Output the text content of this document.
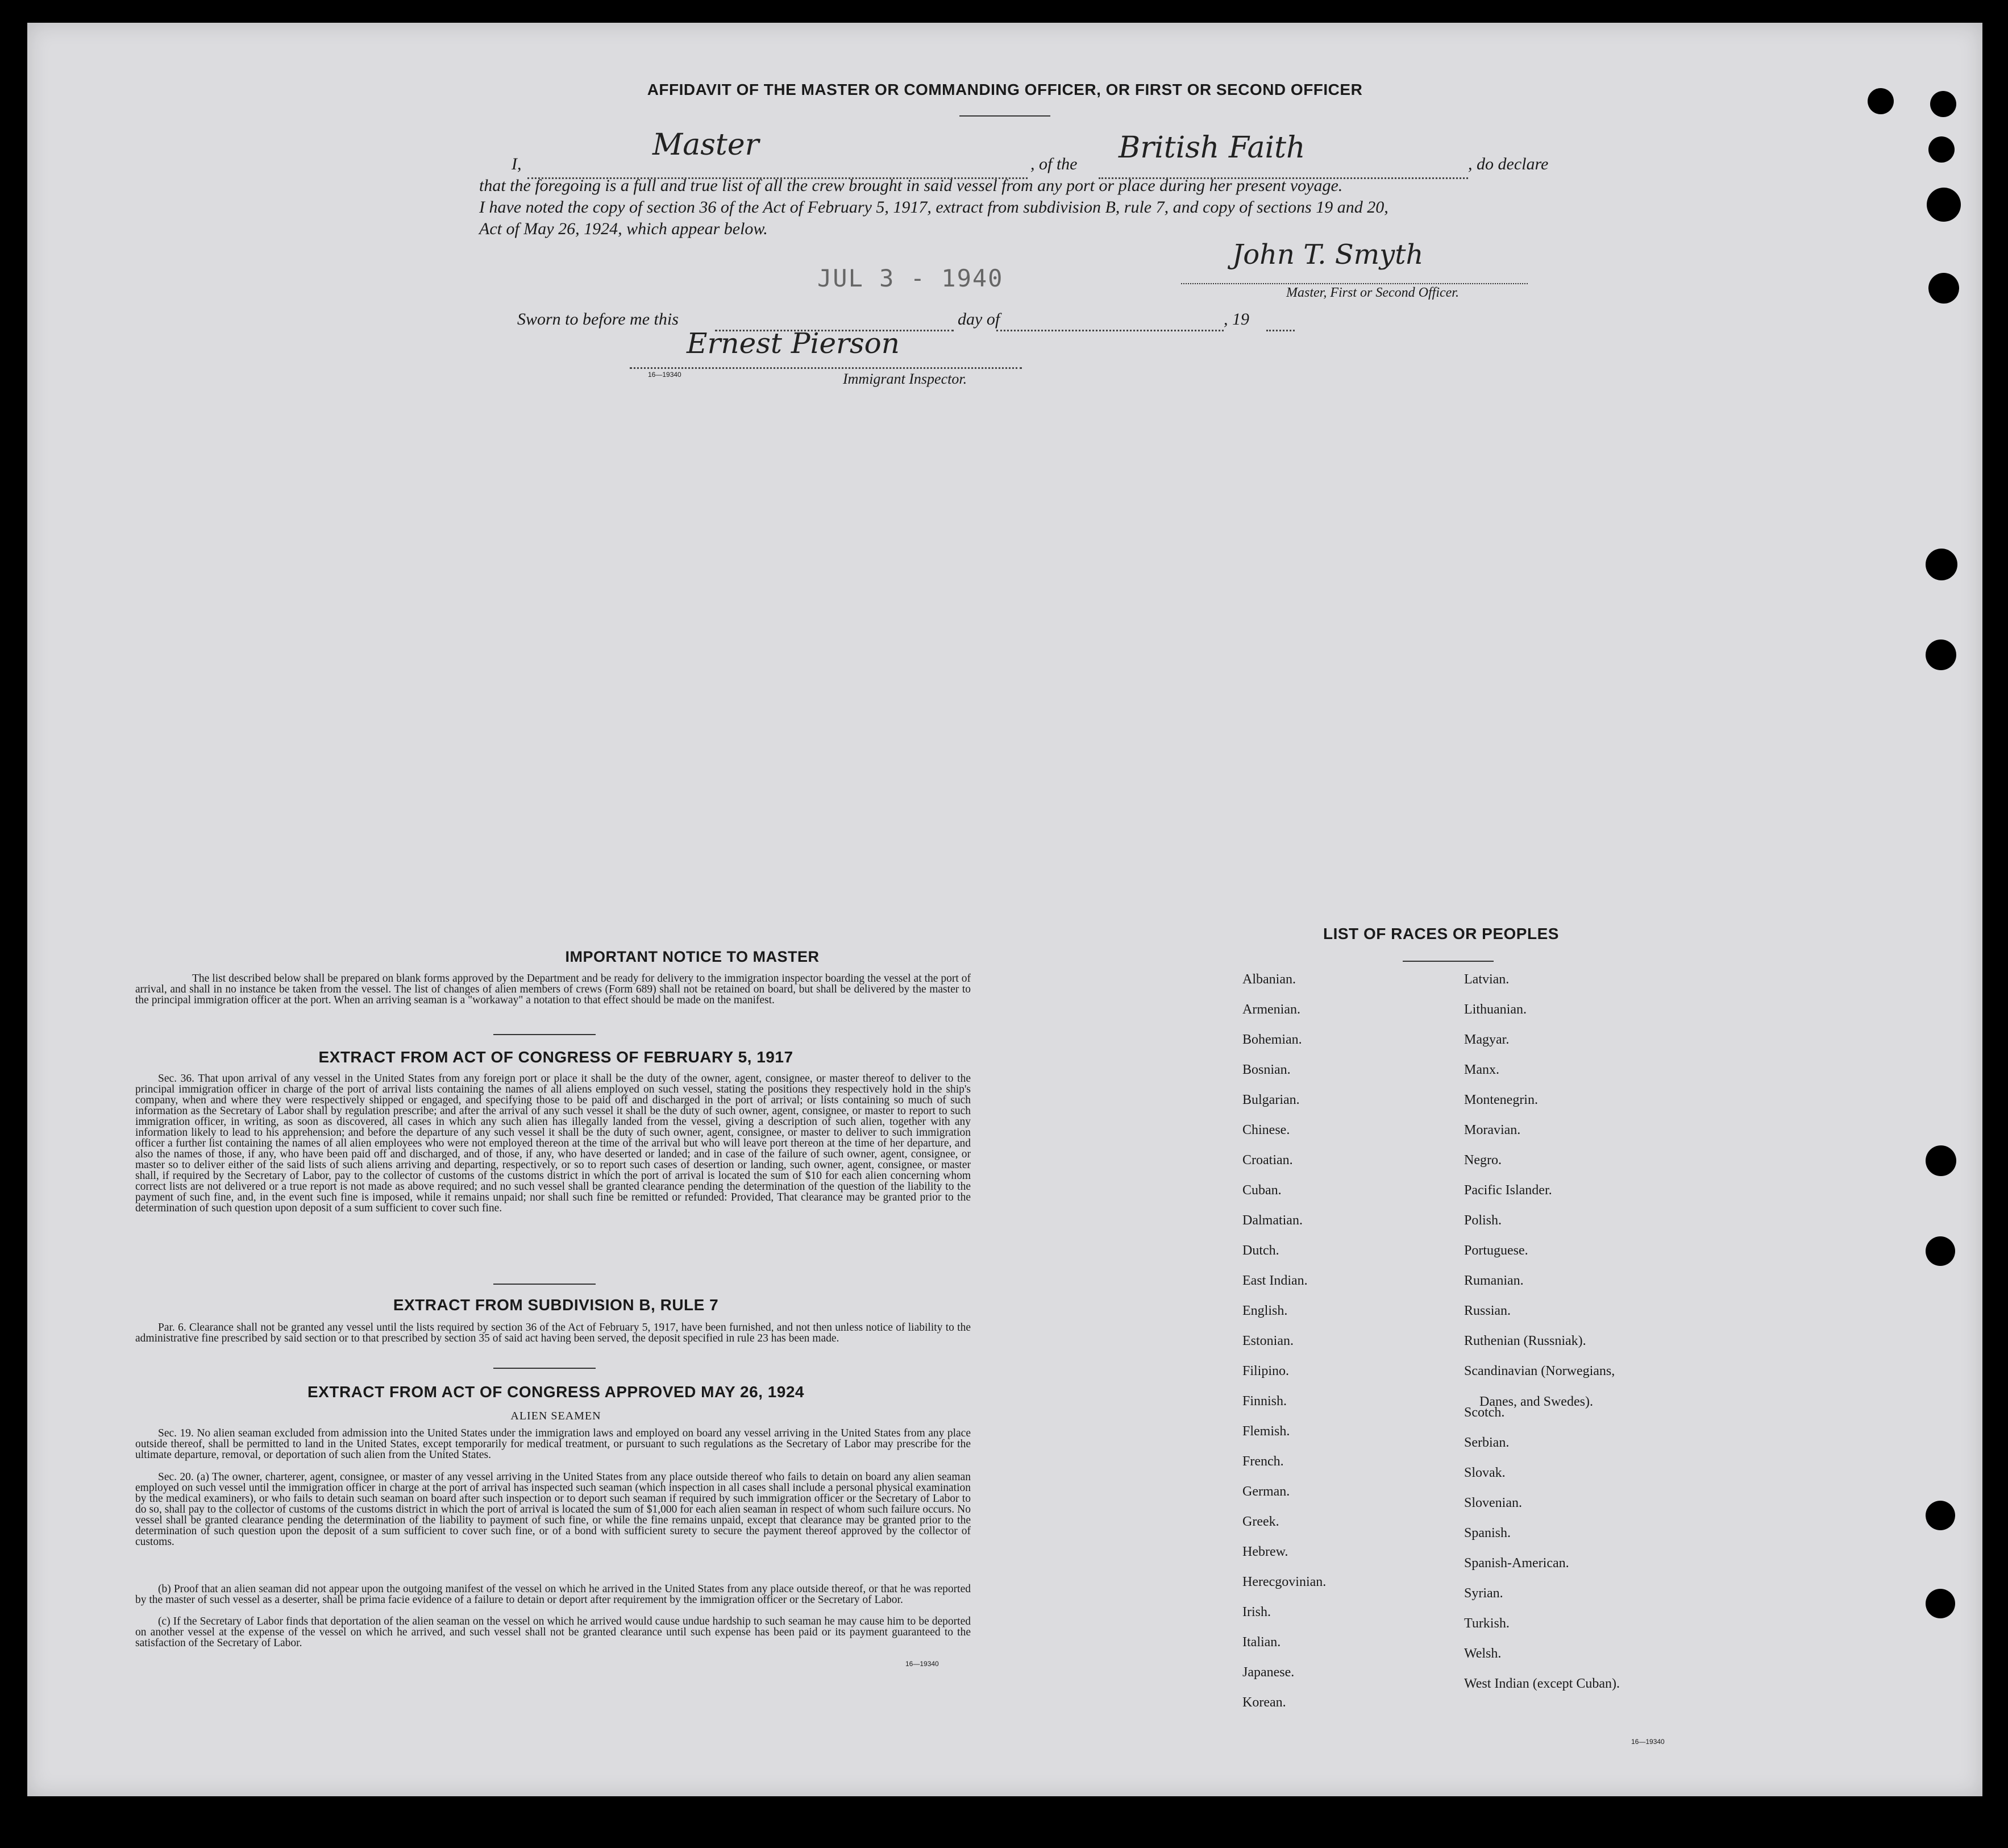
AFFIDAVIT OF THE MASTER OR COMMANDING OFFICER, OR FIRST OR SECOND OFFICER
I,
Master
, of the British Faith	, do declare
that the foregoing is a full and true list of all the crew brought in said vessel from any port or place during her present voyage.
I have noted the copy of section 36 of the Act of February 5, 1917, extract from subdivision B, rule 7, and copy of sections 19 and 20,
Act of May 26, 1924, which appear below.
JUL 3 - 1940
John T. Smyth
Master, First or Second Officer.
Sworn to before me this	day of	, 19
Ernest Pierson
16—19340	Immigrant Inspector.
IMPORTANT NOTICE TO MASTER
The list described below shall be prepared on blank forms approved by the Department and be ready for delivery to the immigration inspector boarding the vessel at the port of arrival, and shall in no instance be taken from the vessel. The list of changes of alien members of crews (Form 689) shall not be retained on board, but shall be delivered by the master to the principal immigration officer at the port. When an arriving seaman is a "workaway" a notation to that effect should be made on the manifest.
EXTRACT FROM ACT OF CONGRESS OF FEBRUARY 5, 1917
Sec. 36. That upon arrival of any vessel in the United States from any foreign port or place it shall be the duty of the owner, agent, consignee, or master thereof to deliver to the principal immigration officer in charge of the port of arrival lists containing the names of all aliens employed on such vessel, stating the positions they respectively hold in the ship's company, when and where they were respectively shipped or engaged, and specifying those to be paid off and discharged in the port of arrival; or lists containing so much of such information as the Secretary of Labor shall by regulation prescribe; and after the arrival of any such vessel it shall be the duty of such owner, agent, consignee, or master to report to such immigration officer, in writing, as soon as discovered, all cases in which any such alien has illegally landed from the vessel, giving a description of such alien, together with any information likely to lead to his apprehension; and before the departure of any such vessel it shall be the duty of such owner, agent, consignee, or master to deliver to such immigration officer a further list containing the names of all alien employees who were not employed thereon at the time of the arrival but who will leave port thereon at the time of her departure, and also the names of those, if any, who have been paid off and discharged, and of those, if any, who have deserted or landed; and in case of the failure of such owner, agent, consignee, or master so to deliver either of the said lists of such aliens arriving and departing, respectively, or so to report such cases of desertion or landing, such owner, agent, consignee, or master shall, if required by the Secretary of Labor, pay to the collector of customs of the customs district in which the port of arrival is located the sum of $10 for each alien concerning whom correct lists are not delivered or a true report is not made as above required; and no such vessel shall be granted clearance pending the determination of the question of the liability to the payment of such fine, and, in the event such fine is imposed, while it remains unpaid; nor shall such fine be remitted or refunded: Provided, That clearance may be granted prior to the determination of such question upon deposit of a sum sufficient to cover such fine.
EXTRACT FROM SUBDIVISION B, RULE 7
Par. 6. Clearance shall not be granted any vessel until the lists required by section 36 of the Act of February 5, 1917, have been furnished, and not then unless notice of liability to the administrative fine prescribed by said section or to that prescribed by section 35 of said act having been served, the deposit specified in rule 23 has been made.
EXTRACT FROM ACT OF CONGRESS APPROVED MAY 26, 1924
ALIEN SEAMEN
Sec. 19. No alien seaman excluded from admission into the United States under the immigration laws and employed on board any vessel arriving in the United States from any place outside thereof, shall be permitted to land in the United States, except temporarily for medical treatment, or pursuant to such regulations as the Secretary of Labor may prescribe for the ultimate departure, removal, or deportation of such alien from the United States.
Sec. 20. (a) The owner, charterer, agent, consignee, or master of any vessel arriving in the United States from any place outside thereof who fails to detain on board any alien seaman employed on such vessel until the immigration officer in charge at the port of arrival has inspected such seaman (which inspection in all cases shall include a personal physical examination by the medical examiners), or who fails to detain such seaman on board after such inspection or to deport such seaman if required by such immigration officer or the Secretary of Labor to do so, shall pay to the collector of customs of the customs district in which the port of arrival is located the sum of $1,000 for each alien seaman in respect of whom such failure occurs. No vessel shall be granted clearance pending the determination of the liability to payment of such fine, or while the fine remains unpaid, except that clearance may be granted prior to the determination of such question upon the deposit of a sum sufficient to cover such fine, or of a bond with sufficient surety to secure the payment thereof approved by the collector of customs.
(b) Proof that an alien seaman did not appear upon the outgoing manifest of the vessel on which he arrived in the United States from any place outside thereof, or that he was reported by the master of such vessel as a deserter, shall be prima facie evidence of a failure to detain or deport after requirement by the immigration officer or the Secretary of Labor.
(c) If the Secretary of Labor finds that deportation of the alien seaman on the vessel on which he arrived would cause undue hardship to such seaman he may cause him to be deported on another vessel at the expense of the vessel on which he arrived, and such vessel shall not be granted clearance until such expense has been paid or its payment guaranteed to the satisfaction of the Secretary of Labor.
16—19340
LIST OF RACES OR PEOPLES
Danes, and Swedes).
16—19340
Albanian.
Armenian.
Bohemian.
Bosnian.
Bulgarian.
Chinese.
Croatian.
Cuban.
Dalmatian.
Dutch.
East Indian.
English.
Estonian.
Filipino.
Finnish.
Flemish.
French.
German.
Greek.
Hebrew.
Herecgovinian.
Irish.
Italian.
Japanese.
Korean.
Latvian.
Lithuanian.
Magyar.
Manx.
Montenegrin.
Moravian.
Negro.
Pacific Islander.
Polish.
Portuguese.
Rumanian.
Russian.
Ruthenian (Russniak).
Scandinavian (Norwegians,
Scotch.
Serbian.
Slovak.
Slovenian.
Spanish.
Spanish-American.
Syrian.
Turkish.
Welsh.
West Indian (except Cuban).
